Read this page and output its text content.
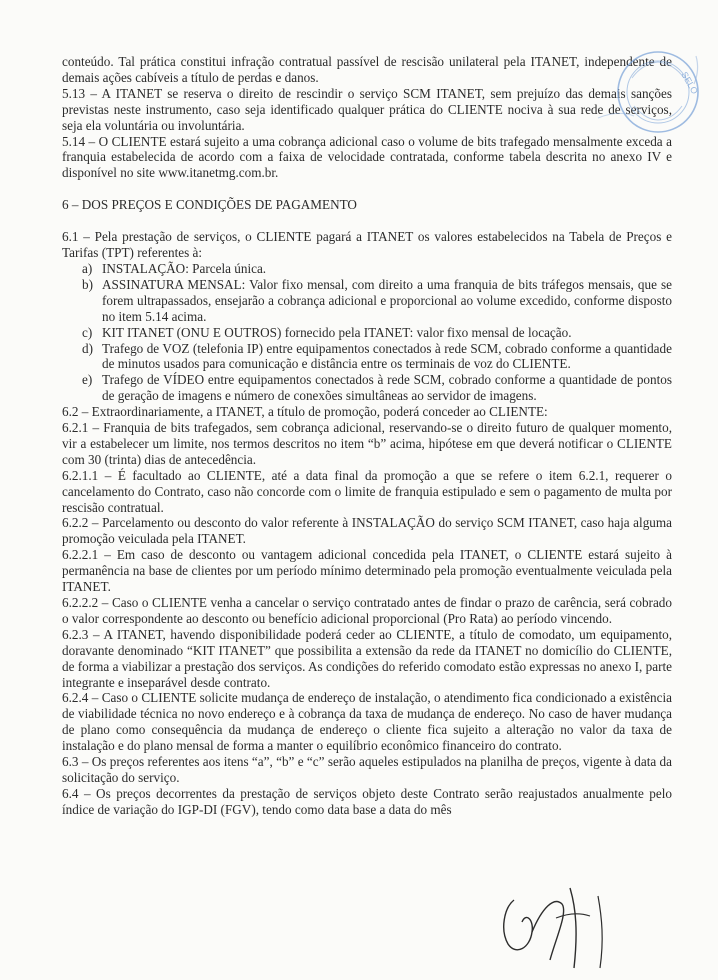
conteúdo. Tal prática constitui infração contratual passível de rescisão unilateral pela ITANET, independente de demais ações cabíveis a título de perdas e danos.

5.13 – A ITANET se reserva o direito de rescindir o serviço SCM ITANET, sem prejuízo das demais sanções previstas neste instrumento, caso seja identificado qualquer prática do CLIENTE nociva à sua rede de serviços, seja ela voluntária ou involuntária.

5.14 – O CLIENTE estará sujeito a uma cobrança adicional caso o volume de bits trafegado mensalmente exceda a franquia estabelecida de acordo com a faixa de velocidade contratada, conforme tabela descrita no anexo IV e disponível no site www.itanetmg.com.br.

6 – DOS PREÇOS E CONDIÇÕES DE PAGAMENTO

6.1 – Pela prestação de serviços, o CLIENTE pagará a ITANET os valores estabelecidos na Tabela de Preços e Tarifas (TPT) referentes à:

a) INSTALAÇÃO: Parcela única.
b) ASSINATURA MENSAL: Valor fixo mensal, com direito a uma franquia de bits tráfegos mensais, que se forem ultrapassados, ensejarão a cobrança adicional e proporcional ao volume excedido, conforme disposto no item 5.14 acima.
c) KIT ITANET (ONU E OUTROS) fornecido pela ITANET: valor fixo mensal de locação.
d) Trafego de VOZ (telefonia IP) entre equipamentos conectados à rede SCM, cobrado conforme a quantidade de minutos usados para comunicação e distância entre os terminais de voz do CLIENTE.
e) Trafego de VÍDEO entre equipamentos conectados à rede SCM, cobrado conforme a quantidade de pontos de geração de imagens e número de conexões simultâneas ao servidor de imagens.

6.2 – Extraordinariamente, a ITANET, a título de promoção, poderá conceder ao CLIENTE:

6.2.1 – Franquia de bits trafegados, sem cobrança adicional, reservando-se o direito futuro de qualquer momento, vir a estabelecer um limite, nos termos descritos no item “b” acima, hipótese em que deverá notificar o CLIENTE com 30 (trinta) dias de antecedência.

6.2.1.1 – É facultado ao CLIENTE, até a data final da promoção a que se refere o item 6.2.1, requerer o cancelamento do Contrato, caso não concorde com o limite de franquia estipulado e sem o pagamento de multa por rescisão contratual.

6.2.2 – Parcelamento ou desconto do valor referente à INSTALAÇÃO do serviço SCM ITANET, caso haja alguma promoção veiculada pela ITANET.

6.2.2.1 – Em caso de desconto ou vantagem adicional concedida pela ITANET, o CLIENTE estará sujeito à permanência na base de clientes por um período mínimo determinado pela promoção eventualmente veiculada pela ITANET.

6.2.2.2 – Caso o CLIENTE venha a cancelar o serviço contratado antes de findar o prazo de carência, será cobrado o valor correspondente ao desconto ou benefício adicional proporcional (Pro Rata) ao período vincendo.

6.2.3 – A ITANET, havendo disponibilidade poderá ceder ao CLIENTE, a título de comodato, um equipamento, doravante denominado “KIT ITANET” que possibilita a extensão da rede da ITANET no domicílio do CLIENTE, de forma a viabilizar a prestação dos serviços. As condições do referido comodato estão expressas no anexo I, parte integrante e inseparável desde contrato.

6.2.4 – Caso o CLIENTE solicite mudança de endereço de instalação, o atendimento fica condicionado a existência de viabilidade técnica no novo endereço e à cobrança da taxa de mudança de endereço. No caso de haver mudança de plano como consequência da mudança de endereço o cliente fica sujeito a alteração no valor da taxa de instalação e do plano mensal de forma a manter o equilíbrio econômico financeiro do contrato.

6.3 – Os preços referentes aos itens “a”, “b” e “c” serão aqueles estipulados na planilha de preços, vigente à data da solicitação do serviço.

6.4 – Os preços decorrentes da prestação de serviços objeto deste Contrato serão reajustados anualmente pelo índice de variação do IGP-DI (FGV), tendo como data base a data do mês

SELO
